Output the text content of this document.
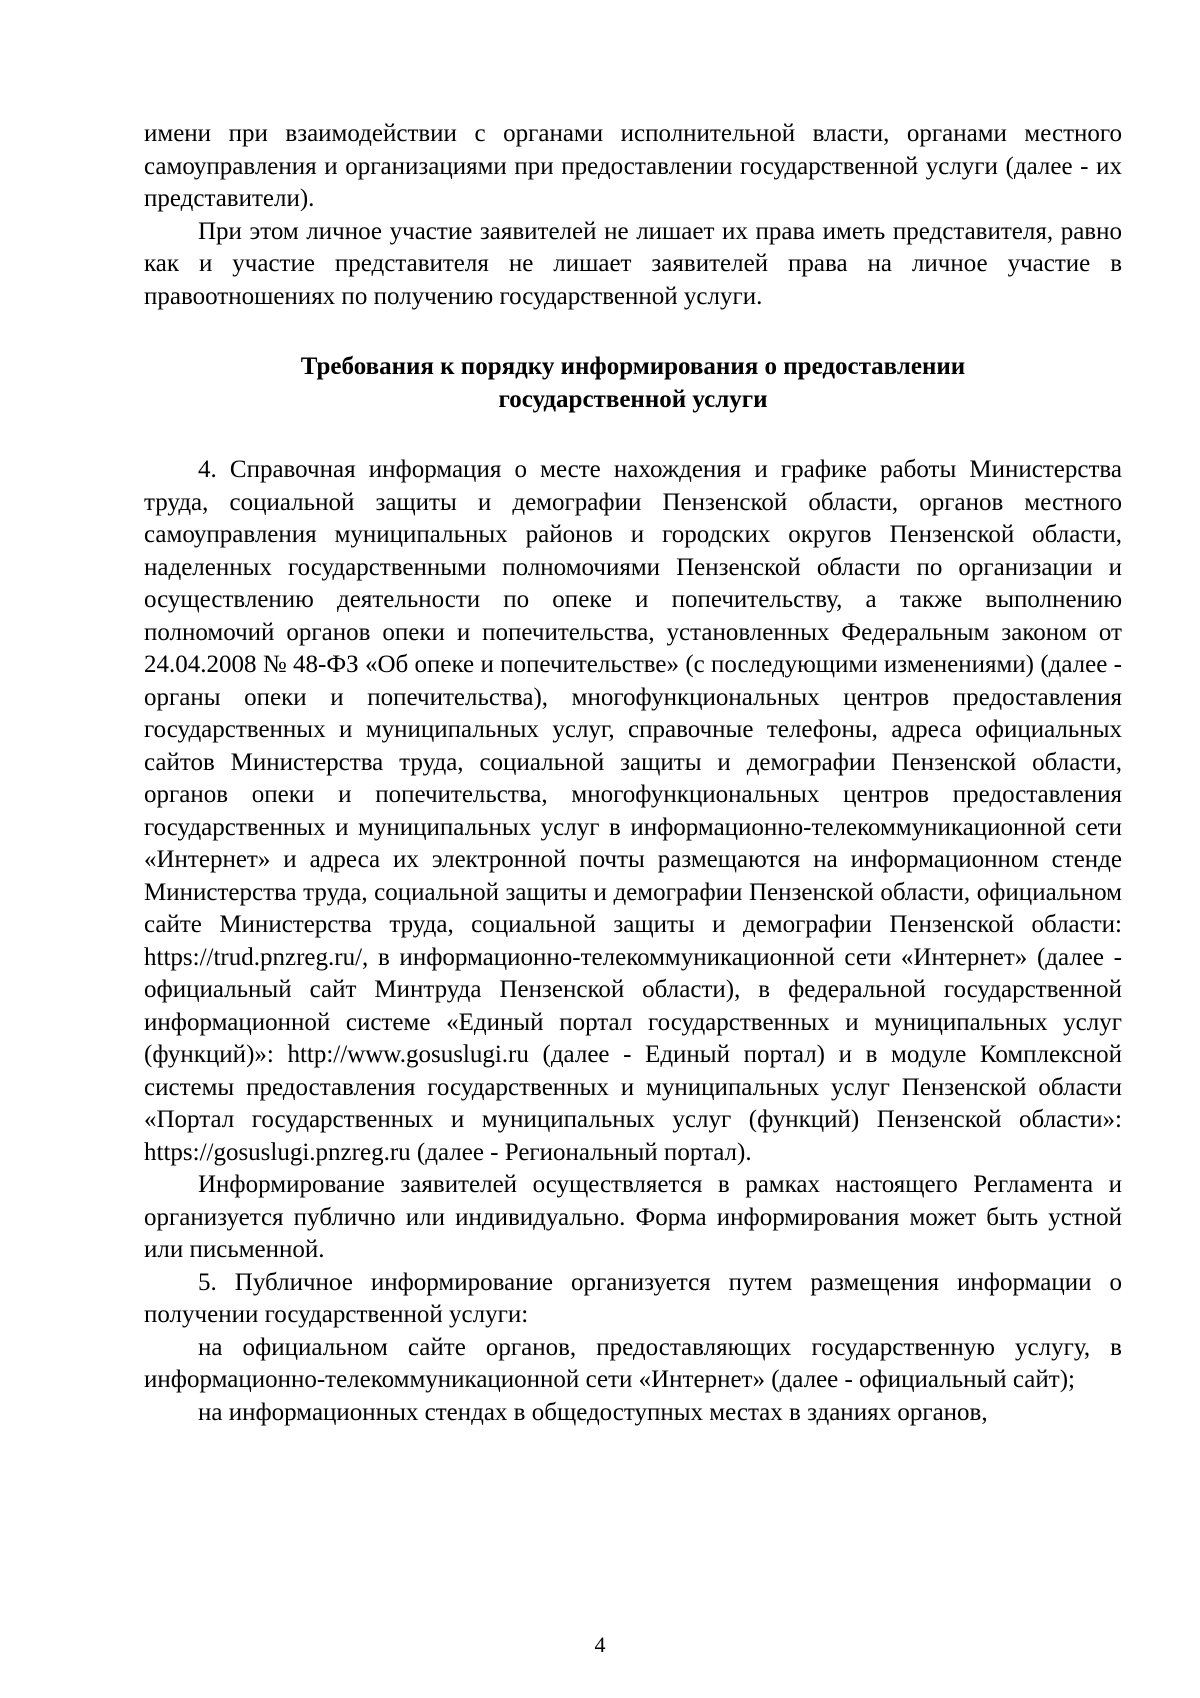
имени при взаимодействии с органами исполнительной власти, органами местного самоуправления и организациями при предоставлении государственной услуги (далее - их представители).

При этом личное участие заявителей не лишает их права иметь представителя, равно как и участие представителя не лишает заявителей права на личное участие в правоотношениях по получению государственной услуги.

Требования к порядку информирования о предоставлении
государственной услуги

4. Справочная информация о месте нахождения и графике работы Министерства труда, социальной защиты и демографии Пензенской области, органов местного самоуправления муниципальных районов и городских округов Пензенской области, наделенных государственными полномочиями Пензенской области по организации и осуществлению деятельности по опеке и попечительству, а также выполнению полномочий органов опеки и попечительства, установленных Федеральным законом от 24.04.2008 № 48-ФЗ «Об опеке и попечительстве» (с последующими изменениями) (далее - органы опеки и попечительства), многофункциональных центров предоставления государственных и муниципальных услуг, справочные телефоны, адреса официальных сайтов Министерства труда, социальной защиты и демографии Пензенской области, органов опеки и попечительства, многофункциональных центров предоставления государственных и муниципальных услуг в информационно-телекоммуникационной сети «Интернет» и адреса их электронной почты размещаются на информационном стенде Министерства труда, социальной защиты и демографии Пензенской области, официальном сайте Министерства труда, социальной защиты и демографии Пензенской области: https://trud.pnzreg.ru/, в информационно-телекоммуникационной сети «Интернет» (далее - официальный сайт Минтруда Пензенской области), в федеральной государственной информационной системе «Единый портал государственных и муниципальных услуг (функций)»: http://www.gosuslugi.ru (далее - Единый портал) и в модуле Комплексной системы предоставления государственных и муниципальных услуг Пензенской области «Портал государственных и муниципальных услуг (функций) Пензенской области»: https://gosuslugi.pnzreg.ru (далее - Региональный портал).

Информирование заявителей осуществляется в рамках настоящего Регламента и организуется публично или индивидуально. Форма информирования может быть устной или письменной.

5. Публичное информирование организуется путем размещения информации о получении государственной услуги:

на официальном сайте органов, предоставляющих государственную услугу, в информационно-телекоммуникационной сети «Интернет» (далее - официальный сайт);

на информационных стендах в общедоступных местах в зданиях органов,

4
